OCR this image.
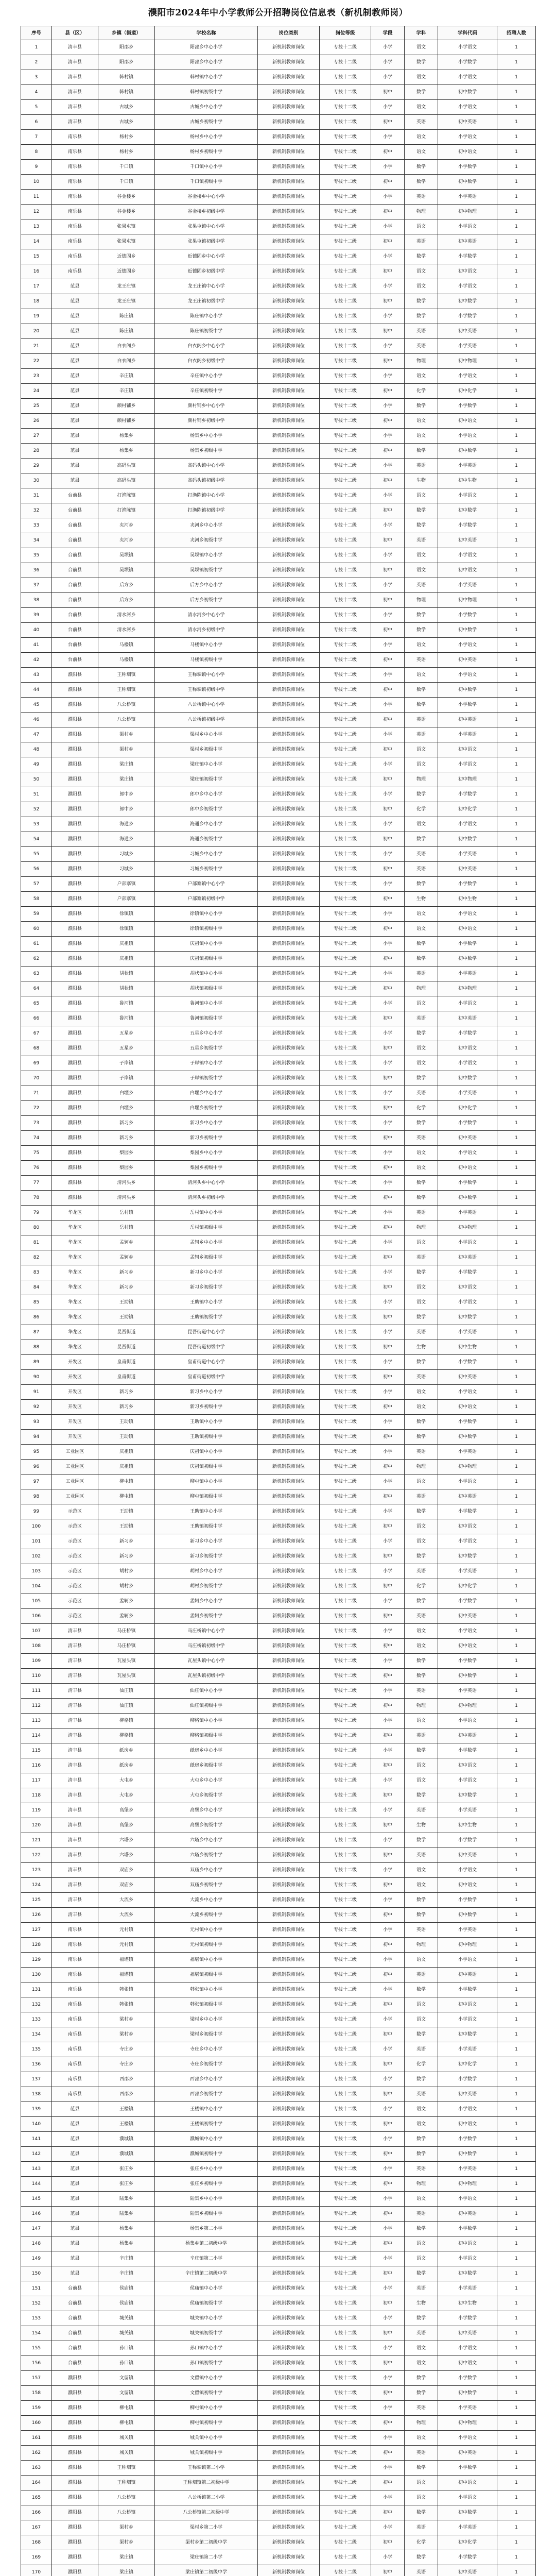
濮阳市2024年中小学教师公开招聘岗位信息表（新机制教师岗）
序号	县（区）	乡镇（街道）	学校名称	岗位类别	岗位等级	学段	学科	学科代码	招聘人数
1	清丰县	阳邵乡	阳邵乡中心小学	新机制教师岗位	专技十二级	小学	语文	小学语文	1
2	清丰县	阳邵乡	阳邵乡中心小学	新机制教师岗位	专技十二级	小学	数学	小学数学	1
3	清丰县	韩村镇	韩村镇中心小学	新机制教师岗位	专技十二级	小学	语文	小学语文	1
4	清丰县	韩村镇	韩村镇初级中学	新机制教师岗位	专技十二级	初中	数学	初中数学	1
5	清丰县	古城乡	古城乡中心小学	新机制教师岗位	专技十二级	小学	语文	小学语文	1
6	清丰县	古城乡	古城乡初级中学	新机制教师岗位	专技十二级	初中	英语	初中英语	1
7	南乐县	杨村乡	杨村乡中心小学	新机制教师岗位	专技十二级	小学	语文	小学语文	1
8	南乐县	杨村乡	杨村乡初级中学	新机制教师岗位	专技十二级	初中	语文	初中语文	1
9	南乐县	千口镇	千口镇中心小学	新机制教师岗位	专技十二级	小学	数学	小学数学	1
10	南乐县	千口镇	千口镇初级中学	新机制教师岗位	专技十二级	初中	数学	初中数学	1
11	南乐县	谷金楼乡	谷金楼乡中心小学	新机制教师岗位	专技十二级	小学	英语	小学英语	1
12	南乐县	谷金楼乡	谷金楼乡初级中学	新机制教师岗位	专技十二级	初中	物理	初中物理	1
13	南乐县	张果屯镇	张果屯镇中心小学	新机制教师岗位	专技十二级	小学	语文	小学语文	1
14	南乐县	张果屯镇	张果屯镇初级中学	新机制教师岗位	专技十二级	初中	英语	初中英语	1
15	南乐县	近德固乡	近德固乡中心小学	新机制教师岗位	专技十二级	小学	数学	小学数学	1
16	南乐县	近德固乡	近德固乡初级中学	新机制教师岗位	专技十二级	初中	语文	初中语文	1
17	范县	龙王庄镇	龙王庄镇中心小学	新机制教师岗位	专技十二级	小学	语文	小学语文	1
18	范县	龙王庄镇	龙王庄镇初级中学	新机制教师岗位	专技十二级	初中	数学	初中数学	1
19	范县	陈庄镇	陈庄镇中心小学	新机制教师岗位	专技十二级	小学	数学	小学数学	1
20	范县	陈庄镇	陈庄镇初级中学	新机制教师岗位	专技十二级	初中	英语	初中英语	1
21	范县	白衣阁乡	白衣阁乡中心小学	新机制教师岗位	专技十二级	小学	英语	小学英语	1
22	范县	白衣阁乡	白衣阁乡初级中学	新机制教师岗位	专技十二级	初中	物理	初中物理	1
23	范县	辛庄镇	辛庄镇中心小学	新机制教师岗位	专技十二级	小学	语文	小学语文	1
24	范县	辛庄镇	辛庄镇初级中学	新机制教师岗位	专技十二级	初中	化学	初中化学	1
25	范县	颜村铺乡	颜村铺乡中心小学	新机制教师岗位	专技十二级	小学	数学	小学数学	1
26	范县	颜村铺乡	颜村铺乡初级中学	新机制教师岗位	专技十二级	初中	语文	初中语文	1
27	范县	杨集乡	杨集乡中心小学	新机制教师岗位	专技十二级	小学	语文	小学语文	1
28	范县	杨集乡	杨集乡初级中学	新机制教师岗位	专技十二级	初中	数学	初中数学	1
29	范县	高码头镇	高码头镇中心小学	新机制教师岗位	专技十二级	小学	英语	小学英语	1
30	范县	高码头镇	高码头镇初级中学	新机制教师岗位	专技十二级	初中	生物	初中生物	1
31	台前县	打渔陈镇	打渔陈镇中心小学	新机制教师岗位	专技十二级	小学	语文	小学语文	1
32	台前县	打渔陈镇	打渔陈镇初级中学	新机制教师岗位	专技十二级	初中	数学	初中数学	1
33	台前县	夹河乡	夹河乡中心小学	新机制教师岗位	专技十二级	小学	数学	小学数学	1
34	台前县	夹河乡	夹河乡初级中学	新机制教师岗位	专技十二级	初中	英语	初中英语	1
35	台前县	吴坝镇	吴坝镇中心小学	新机制教师岗位	专技十二级	小学	语文	小学语文	1
36	台前县	吴坝镇	吴坝镇初级中学	新机制教师岗位	专技十二级	初中	语文	初中语文	1
37	台前县	后方乡	后方乡中心小学	新机制教师岗位	专技十二级	小学	英语	小学英语	1
38	台前县	后方乡	后方乡初级中学	新机制教师岗位	专技十二级	初中	物理	初中物理	1
39	台前县	清水河乡	清水河乡中心小学	新机制教师岗位	专技十二级	小学	数学	小学数学	1
40	台前县	清水河乡	清水河乡初级中学	新机制教师岗位	专技十二级	初中	数学	初中数学	1
41	台前县	马楼镇	马楼镇中心小学	新机制教师岗位	专技十二级	小学	语文	小学语文	1
42	台前县	马楼镇	马楼镇初级中学	新机制教师岗位	专技十二级	初中	英语	初中英语	1
43	濮阳县	王称堌镇	王称堌镇中心小学	新机制教师岗位	专技十二级	小学	语文	小学语文	1
44	濮阳县	王称堌镇	王称堌镇初级中学	新机制教师岗位	专技十二级	初中	数学	初中数学	1
45	濮阳县	八公桥镇	八公桥镇中心小学	新机制教师岗位	专技十二级	小学	数学	小学数学	1
46	濮阳县	八公桥镇	八公桥镇初级中学	新机制教师岗位	专技十二级	初中	英语	初中英语	1
47	濮阳县	渠村乡	渠村乡中心小学	新机制教师岗位	专技十二级	小学	英语	小学英语	1
48	濮阳县	渠村乡	渠村乡初级中学	新机制教师岗位	专技十二级	初中	语文	初中语文	1
49	濮阳县	梁庄镇	梁庄镇中心小学	新机制教师岗位	专技十二级	小学	语文	小学语文	1
50	濮阳县	梁庄镇	梁庄镇初级中学	新机制教师岗位	专技十二级	初中	物理	初中物理	1
51	濮阳县	郎中乡	郎中乡中心小学	新机制教师岗位	专技十二级	小学	数学	小学数学	1
52	濮阳县	郎中乡	郎中乡初级中学	新机制教师岗位	专技十二级	初中	化学	初中化学	1
53	濮阳县	海通乡	海通乡中心小学	新机制教师岗位	专技十二级	小学	语文	小学语文	1
54	濮阳县	海通乡	海通乡初级中学	新机制教师岗位	专技十二级	初中	数学	初中数学	1
55	濮阳县	习城乡	习城乡中心小学	新机制教师岗位	专技十二级	小学	英语	小学英语	1
56	濮阳县	习城乡	习城乡初级中学	新机制教师岗位	专技十二级	初中	英语	初中英语	1
57	濮阳县	户部寨镇	户部寨镇中心小学	新机制教师岗位	专技十二级	小学	数学	小学数学	1
58	濮阳县	户部寨镇	户部寨镇初级中学	新机制教师岗位	专技十二级	初中	生物	初中生物	1
59	濮阳县	徐镇镇	徐镇镇中心小学	新机制教师岗位	专技十二级	小学	语文	小学语文	1
60	濮阳县	徐镇镇	徐镇镇初级中学	新机制教师岗位	专技十二级	初中	语文	初中语文	1
61	濮阳县	庆祖镇	庆祖镇中心小学	新机制教师岗位	专技十二级	小学	数学	小学数学	1
62	濮阳县	庆祖镇	庆祖镇初级中学	新机制教师岗位	专技十二级	初中	数学	初中数学	1
63	濮阳县	胡状镇	胡状镇中心小学	新机制教师岗位	专技十二级	小学	英语	小学英语	1
64	濮阳县	胡状镇	胡状镇初级中学	新机制教师岗位	专技十二级	初中	物理	初中物理	1
65	濮阳县	鲁河镇	鲁河镇中心小学	新机制教师岗位	专技十二级	小学	语文	小学语文	1
66	濮阳县	鲁河镇	鲁河镇初级中学	新机制教师岗位	专技十二级	初中	英语	初中英语	1
67	濮阳县	五星乡	五星乡中心小学	新机制教师岗位	专技十二级	小学	数学	小学数学	1
68	濮阳县	五星乡	五星乡初级中学	新机制教师岗位	专技十二级	初中	语文	初中语文	1
69	濮阳县	子岸镇	子岸镇中心小学	新机制教师岗位	专技十二级	小学	语文	小学语文	1
70	濮阳县	子岸镇	子岸镇初级中学	新机制教师岗位	专技十二级	初中	数学	初中数学	1
71	濮阳县	白堽乡	白堽乡中心小学	新机制教师岗位	专技十二级	小学	英语	小学英语	1
72	濮阳县	白堽乡	白堽乡初级中学	新机制教师岗位	专技十二级	初中	化学	初中化学	1
73	濮阳县	新习乡	新习乡中心小学	新机制教师岗位	专技十二级	小学	数学	小学数学	1
74	濮阳县	新习乡	新习乡初级中学	新机制教师岗位	专技十二级	初中	英语	初中英语	1
75	濮阳县	梨园乡	梨园乡中心小学	新机制教师岗位	专技十二级	小学	语文	小学语文	1
76	濮阳县	梨园乡	梨园乡初级中学	新机制教师岗位	专技十二级	初中	语文	初中语文	1
77	濮阳县	清河头乡	清河头乡中心小学	新机制教师岗位	专技十二级	小学	数学	小学数学	1
78	濮阳县	清河头乡	清河头乡初级中学	新机制教师岗位	专技十二级	初中	数学	初中数学	1
79	华龙区	岳村镇	岳村镇中心小学	新机制教师岗位	专技十二级	小学	英语	小学英语	1
80	华龙区	岳村镇	岳村镇初级中学	新机制教师岗位	专技十二级	初中	物理	初中物理	1
81	华龙区	孟轲乡	孟轲乡中心小学	新机制教师岗位	专技十二级	小学	语文	小学语文	1
82	华龙区	孟轲乡	孟轲乡初级中学	新机制教师岗位	专技十二级	初中	英语	初中英语	1
83	华龙区	新习乡	新习乡中心小学	新机制教师岗位	专技十二级	小学	数学	小学数学	1
84	华龙区	新习乡	新习乡初级中学	新机制教师岗位	专技十二级	初中	语文	初中语文	1
85	华龙区	王助镇	王助镇中心小学	新机制教师岗位	专技十二级	小学	语文	小学语文	1
86	华龙区	王助镇	王助镇初级中学	新机制教师岗位	专技十二级	初中	数学	初中数学	1
87	华龙区	昆吾街道	昆吾街道中心小学	新机制教师岗位	专技十二级	小学	英语	小学英语	1
88	华龙区	昆吾街道	昆吾街道初级中学	新机制教师岗位	专技十二级	初中	生物	初中生物	1
89	开发区	皇甫街道	皇甫街道中心小学	新机制教师岗位	专技十二级	小学	数学	小学数学	1
90	开发区	皇甫街道	皇甫街道初级中学	新机制教师岗位	专技十二级	初中	英语	初中英语	1
91	开发区	新习乡	新习乡中心小学	新机制教师岗位	专技十二级	小学	语文	小学语文	1
92	开发区	新习乡	新习乡初级中学	新机制教师岗位	专技十二级	初中	语文	初中语文	1
93	开发区	王助镇	王助镇中心小学	新机制教师岗位	专技十二级	小学	数学	小学数学	1
94	开发区	王助镇	王助镇初级中学	新机制教师岗位	专技十二级	初中	数学	初中数学	1
95	工业园区	庆祖镇	庆祖镇中心小学	新机制教师岗位	专技十二级	小学	英语	小学英语	1
96	工业园区	庆祖镇	庆祖镇初级中学	新机制教师岗位	专技十二级	初中	物理	初中物理	1
97	工业园区	柳屯镇	柳屯镇中心小学	新机制教师岗位	专技十二级	小学	语文	小学语文	1
98	工业园区	柳屯镇	柳屯镇初级中学	新机制教师岗位	专技十二级	初中	英语	初中英语	1
99	示范区	王助镇	王助镇中心小学	新机制教师岗位	专技十二级	小学	数学	小学数学	1
100	示范区	王助镇	王助镇初级中学	新机制教师岗位	专技十二级	初中	语文	初中语文	1
101	示范区	新习乡	新习乡中心小学	新机制教师岗位	专技十二级	小学	语文	小学语文	1
102	示范区	新习乡	新习乡初级中学	新机制教师岗位	专技十二级	初中	数学	初中数学	1
103	示范区	胡村乡	胡村乡中心小学	新机制教师岗位	专技十二级	小学	英语	小学英语	1
104	示范区	胡村乡	胡村乡初级中学	新机制教师岗位	专技十二级	初中	化学	初中化学	1
105	示范区	孟轲乡	孟轲乡中心小学	新机制教师岗位	专技十二级	小学	数学	小学数学	1
106	示范区	孟轲乡	孟轲乡初级中学	新机制教师岗位	专技十二级	初中	英语	初中英语	1
107	清丰县	马庄桥镇	马庄桥镇中心小学	新机制教师岗位	专技十二级	小学	语文	小学语文	1
108	清丰县	马庄桥镇	马庄桥镇初级中学	新机制教师岗位	专技十二级	初中	语文	初中语文	1
109	清丰县	瓦屋头镇	瓦屋头镇中心小学	新机制教师岗位	专技十二级	小学	数学	小学数学	1
110	清丰县	瓦屋头镇	瓦屋头镇初级中学	新机制教师岗位	专技十二级	初中	数学	初中数学	1
111	清丰县	仙庄镇	仙庄镇中心小学	新机制教师岗位	专技十二级	小学	英语	小学英语	1
112	清丰县	仙庄镇	仙庄镇初级中学	新机制教师岗位	专技十二级	初中	物理	初中物理	1
113	清丰县	柳格镇	柳格镇中心小学	新机制教师岗位	专技十二级	小学	语文	小学语文	1
114	清丰县	柳格镇	柳格镇初级中学	新机制教师岗位	专技十二级	初中	英语	初中英语	1
115	清丰县	纸房乡	纸房乡中心小学	新机制教师岗位	专技十二级	小学	数学	小学数学	1
116	清丰县	纸房乡	纸房乡初级中学	新机制教师岗位	专技十二级	初中	语文	初中语文	1
117	清丰县	大屯乡	大屯乡中心小学	新机制教师岗位	专技十二级	小学	语文	小学语文	1
118	清丰县	大屯乡	大屯乡初级中学	新机制教师岗位	专技十二级	初中	数学	初中数学	1
119	清丰县	高堡乡	高堡乡中心小学	新机制教师岗位	专技十二级	小学	英语	小学英语	1
120	清丰县	高堡乡	高堡乡初级中学	新机制教师岗位	专技十二级	初中	生物	初中生物	1
121	清丰县	六塔乡	六塔乡中心小学	新机制教师岗位	专技十二级	小学	数学	小学数学	1
122	清丰县	六塔乡	六塔乡初级中学	新机制教师岗位	专技十二级	初中	英语	初中英语	1
123	清丰县	双庙乡	双庙乡中心小学	新机制教师岗位	专技十二级	小学	语文	小学语文	1
124	清丰县	双庙乡	双庙乡初级中学	新机制教师岗位	专技十二级	初中	语文	初中语文	1
125	清丰县	大流乡	大流乡中心小学	新机制教师岗位	专技十二级	小学	数学	小学数学	1
126	清丰县	大流乡	大流乡初级中学	新机制教师岗位	专技十二级	初中	数学	初中数学	1
127	南乐县	元村镇	元村镇中心小学	新机制教师岗位	专技十二级	小学	英语	小学英语	1
128	南乐县	元村镇	元村镇初级中学	新机制教师岗位	专技十二级	初中	物理	初中物理	1
129	南乐县	福堪镇	福堪镇中心小学	新机制教师岗位	专技十二级	小学	语文	小学语文	1
130	南乐县	福堪镇	福堪镇初级中学	新机制教师岗位	专技十二级	初中	英语	初中英语	1
131	南乐县	韩张镇	韩张镇中心小学	新机制教师岗位	专技十二级	小学	数学	小学数学	1
132	南乐县	韩张镇	韩张镇初级中学	新机制教师岗位	专技十二级	初中	语文	初中语文	1
133	南乐县	梁村乡	梁村乡中心小学	新机制教师岗位	专技十二级	小学	语文	小学语文	1
134	南乐县	梁村乡	梁村乡初级中学	新机制教师岗位	专技十二级	初中	数学	初中数学	1
135	南乐县	寺庄乡	寺庄乡中心小学	新机制教师岗位	专技十二级	小学	英语	小学英语	1
136	南乐县	寺庄乡	寺庄乡初级中学	新机制教师岗位	专技十二级	初中	化学	初中化学	1
137	南乐县	西邵乡	西邵乡中心小学	新机制教师岗位	专技十二级	小学	数学	小学数学	1
138	南乐县	西邵乡	西邵乡初级中学	新机制教师岗位	专技十二级	初中	英语	初中英语	1
139	范县	王楼镇	王楼镇中心小学	新机制教师岗位	专技十二级	小学	语文	小学语文	1
140	范县	王楼镇	王楼镇初级中学	新机制教师岗位	专技十二级	初中	语文	初中语文	1
141	范县	濮城镇	濮城镇中心小学	新机制教师岗位	专技十二级	小学	数学	小学数学	1
142	范县	濮城镇	濮城镇初级中学	新机制教师岗位	专技十二级	初中	数学	初中数学	1
143	范县	张庄乡	张庄乡中心小学	新机制教师岗位	专技十二级	小学	英语	小学英语	1
144	范县	张庄乡	张庄乡初级中学	新机制教师岗位	专技十二级	初中	物理	初中物理	1
145	范县	陆集乡	陆集乡中心小学	新机制教师岗位	专技十二级	小学	语文	小学语文	1
146	范县	陆集乡	陆集乡初级中学	新机制教师岗位	专技十二级	初中	英语	初中英语	1
147	范县	杨集乡	杨集乡第二小学	新机制教师岗位	专技十二级	小学	数学	小学数学	1
148	范县	杨集乡	杨集乡第二初级中学	新机制教师岗位	专技十二级	初中	语文	初中语文	1
149	范县	辛庄镇	辛庄镇第二小学	新机制教师岗位	专技十二级	小学	语文	小学语文	1
150	范县	辛庄镇	辛庄镇第二初级中学	新机制教师岗位	专技十二级	初中	数学	初中数学	1
151	台前县	侯庙镇	侯庙镇中心小学	新机制教师岗位	专技十二级	小学	英语	小学英语	1
152	台前县	侯庙镇	侯庙镇初级中学	新机制教师岗位	专技十二级	初中	生物	初中生物	1
153	台前县	城关镇	城关镇中心小学	新机制教师岗位	专技十二级	小学	数学	小学数学	1
154	台前县	城关镇	城关镇初级中学	新机制教师岗位	专技十二级	初中	英语	初中英语	1
155	台前县	孙口镇	孙口镇中心小学	新机制教师岗位	专技十二级	小学	语文	小学语文	1
156	台前县	孙口镇	孙口镇初级中学	新机制教师岗位	专技十二级	初中	语文	初中语文	1
157	濮阳县	文留镇	文留镇中心小学	新机制教师岗位	专技十二级	小学	数学	小学数学	1
158	濮阳县	文留镇	文留镇初级中学	新机制教师岗位	专技十二级	初中	数学	初中数学	1
159	濮阳县	柳屯镇	柳屯镇中心小学	新机制教师岗位	专技十二级	小学	英语	小学英语	1
160	濮阳县	柳屯镇	柳屯镇初级中学	新机制教师岗位	专技十二级	初中	物理	初中物理	1
161	濮阳县	城关镇	城关镇中心小学	新机制教师岗位	专技十二级	小学	语文	小学语文	1
162	濮阳县	城关镇	城关镇初级中学	新机制教师岗位	专技十二级	初中	英语	初中英语	1
163	濮阳县	王称堌镇	王称堌镇第二小学	新机制教师岗位	专技十二级	小学	数学	小学数学	1
164	濮阳县	王称堌镇	王称堌镇第二初级中学	新机制教师岗位	专技十二级	初中	语文	初中语文	1
165	濮阳县	八公桥镇	八公桥镇第二小学	新机制教师岗位	专技十二级	小学	语文	小学语文	1
166	濮阳县	八公桥镇	八公桥镇第二初级中学	新机制教师岗位	专技十二级	初中	数学	初中数学	1
167	濮阳县	渠村乡	渠村乡第二小学	新机制教师岗位	专技十二级	小学	英语	小学英语	1
168	濮阳县	渠村乡	渠村乡第二初级中学	新机制教师岗位	专技十二级	初中	化学	初中化学	1
169	濮阳县	梁庄镇	梁庄镇第二小学	新机制教师岗位	专技十二级	小学	数学	小学数学	1
170	濮阳县	梁庄镇	梁庄镇第二初级中学	新机制教师岗位	专技十二级	初中	英语	初中英语	1
